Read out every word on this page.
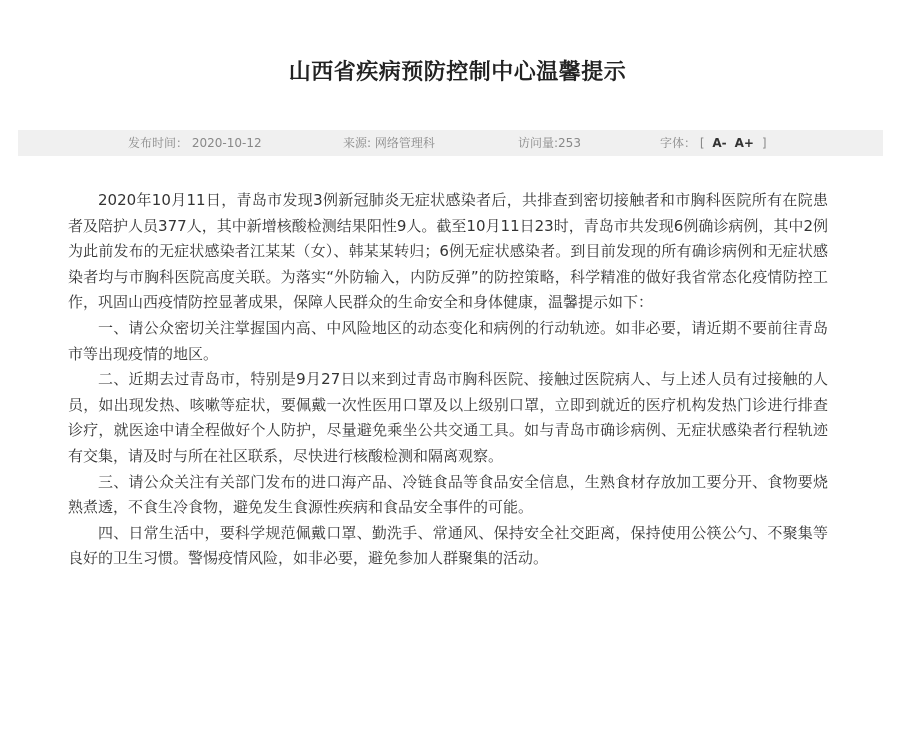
山西省疾病预防控制中心温馨提示
发布时间： 2020-10-12	来源: 网络管理科	访问量:253	字体： [ A- A+ ]

2020年10月11日，青岛市发现3例新冠肺炎无症状感染者后，共排查到密切接触者和市胸科医院所有在院患者及陪护人员377人，其中新增核酸检测结果阳性9人。截至10月11日23时，青岛市共发现6例确诊病例，其中2例为此前发布的无症状感染者江某某（女）、韩某某转归；6例无症状感染者。到目前发现的所有确诊病例和无症状感染者均与市胸科医院高度关联。为落实“外防输入，内防反弹”的防控策略，科学精准的做好我省常态化疫情防控工作，巩固山西疫情防控显著成果，保障人民群众的生命安全和身体健康，温馨提示如下：

一、请公众密切关注掌握国内高、中风险地区的动态变化和病例的行动轨迹。如非必要，请近期不要前往青岛市等出现疫情的地区。

二、近期去过青岛市，特别是9月27日以来到过青岛市胸科医院、接触过医院病人、与上述人员有过接触的人员，如出现发热、咳嗽等症状，要佩戴一次性医用口罩及以上级别口罩，立即到就近的医疗机构发热门诊进行排查诊疗，就医途中请全程做好个人防护，尽量避免乘坐公共交通工具。如与青岛市确诊病例、无症状感染者行程轨迹有交集，请及时与所在社区联系，尽快进行核酸检测和隔离观察。

三、请公众关注有关部门发布的进口海产品、冷链食品等食品安全信息，生熟食材存放加工要分开、食物要烧熟煮透，不食生冷食物，避免发生食源性疾病和食品安全事件的可能。

四、日常生活中，要科学规范佩戴口罩、勤洗手、常通风、保持安全社交距离，保持使用公筷公勺、不聚集等良好的卫生习惯。警惕疫情风险，如非必要，避免参加人群聚集的活动。
